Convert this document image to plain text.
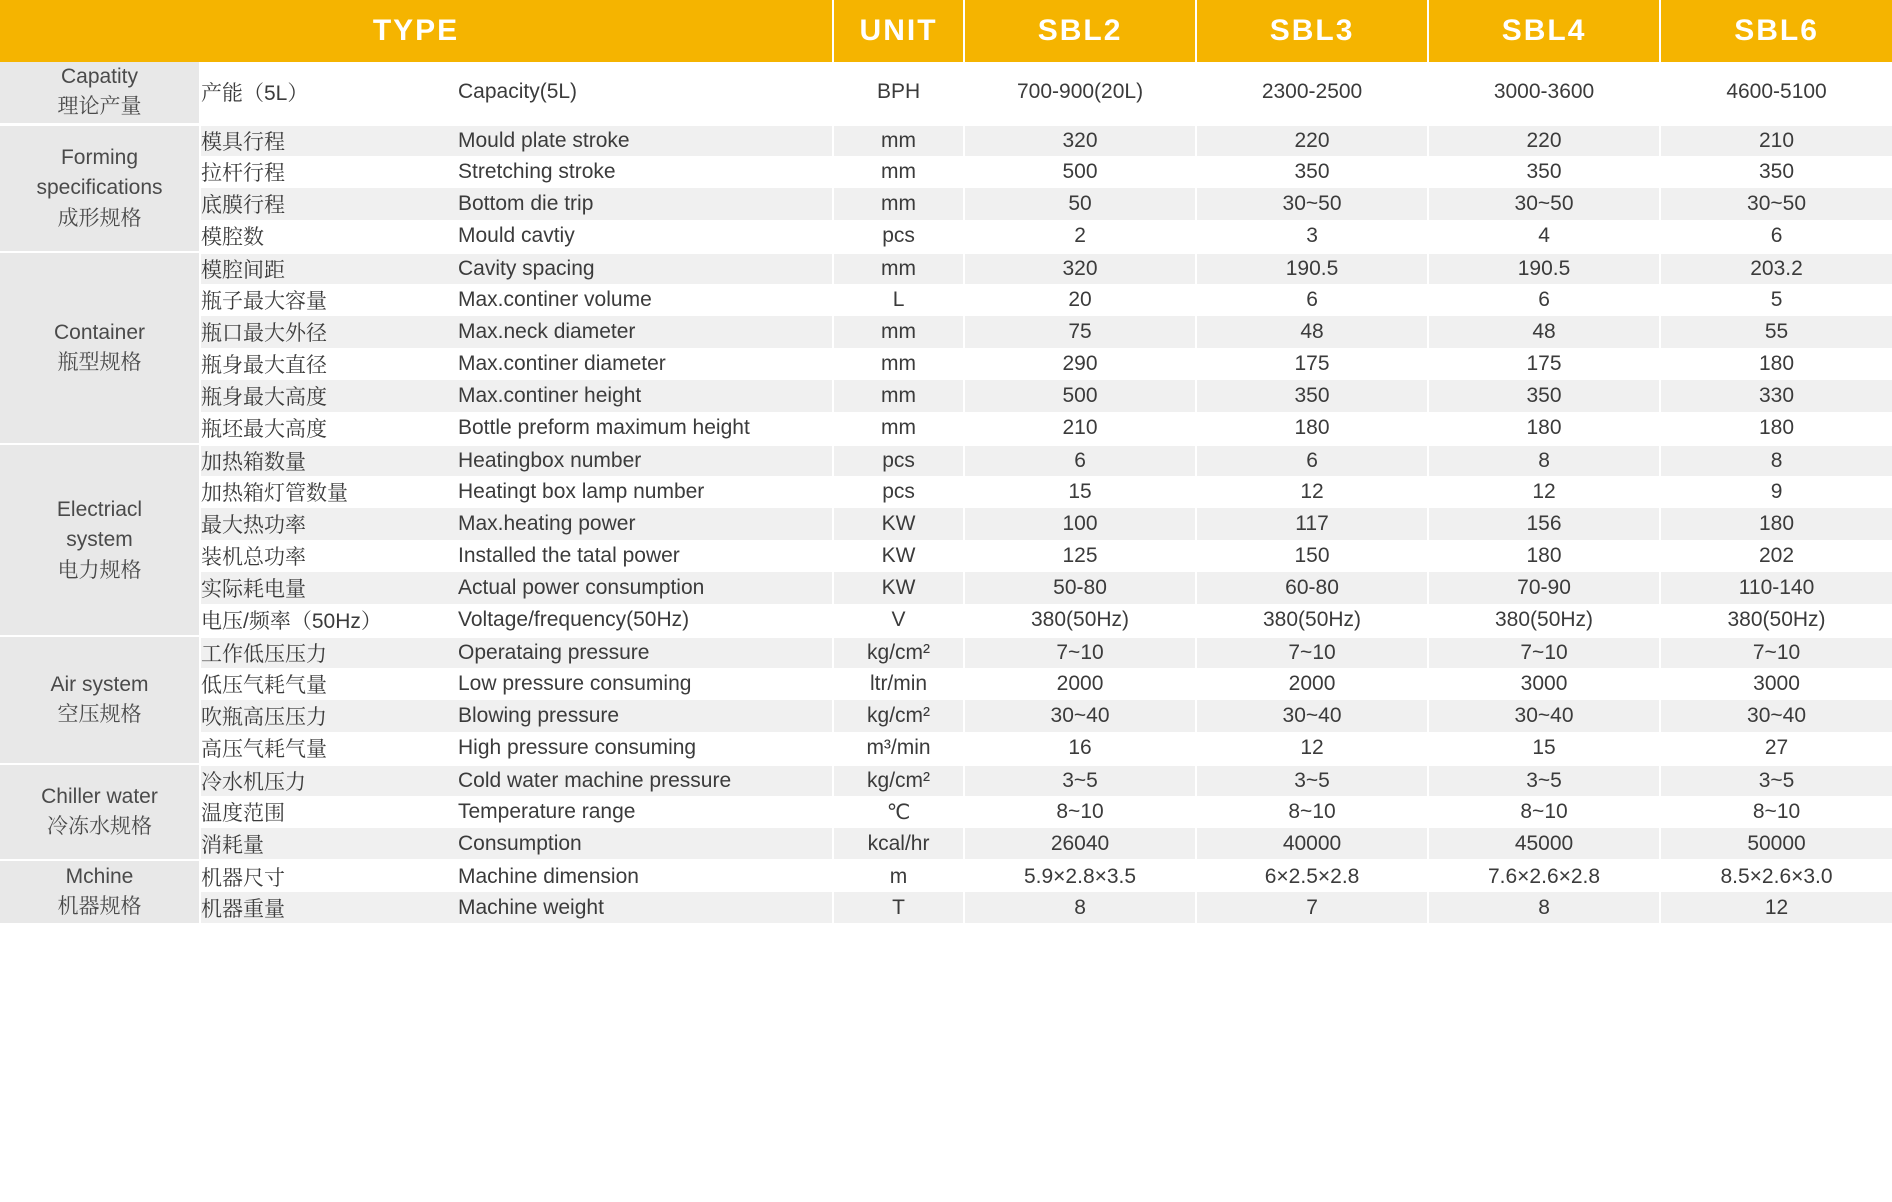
TYPE			UNIT	SBL2	SBL3	SBL4	SBL6
Capatity
理论产量	产能（5L）	Capacity(5L)	BPH	700-900(20L)	2300-2500	3000-3600	4600-5100
Forming
specifications
成形规格	模具行程	Mould plate stroke	mm	320	220	220	210
	拉杆行程	Stretching stroke	mm	500	350	350	350
	底膜行程	Bottom die trip	mm	50	30~50	30~50	30~50
	模腔数	Mould cavtiy	pcs	2	3	4	6
Container
瓶型规格	模腔间距	Cavity spacing	mm	320	190.5	190.5	203.2
	瓶子最大容量	Max.continer volume	L	20	6	6	5
	瓶口最大外径	Max.neck diameter	mm	75	48	48	55
	瓶身最大直径	Max.continer diameter	mm	290	175	175	180
	瓶身最大高度	Max.continer height	mm	500	350	350	330
	瓶坯最大高度	Bottle preform maximum height	mm	210	180	180	180
Electriacl
system
电力规格	加热箱数量	Heatingbox number	pcs	6	6	8	8
	加热箱灯管数量	Heatingt box lamp number	pcs	15	12	12	9
	最大热功率	Max.heating power	KW	100	117	156	180
	装机总功率	Installed the tatal power	KW	125	150	180	202
	实际耗电量	Actual power consumption	KW	50-80	60-80	70-90	110-140
	电压/频率（50Hz）	Voltage/frequency(50Hz)	V	380(50Hz)	380(50Hz)	380(50Hz)	380(50Hz)
Air system
空压规格	工作低压压力	Operataing pressure	kg/cm²	7~10	7~10	7~10	7~10
	低压气耗气量	Low pressure consuming	ltr/min	2000	2000	3000	3000
	吹瓶高压压力	Blowing pressure	kg/cm²	30~40	30~40	30~40	30~40
	高压气耗气量	High pressure consuming	m³/min	16	12	15	27
Chiller water
冷冻水规格	冷水机压力	Cold water machine pressure	kg/cm²	3~5	3~5	3~5	3~5
	温度范围	Temperature range	℃	8~10	8~10	8~10	8~10
	消耗量	Consumption	kcal/hr	26040	40000	45000	50000
Mchine
机器规格	机器尺寸	Machine dimension	m	5.9×2.8×3.5	6×2.5×2.8	7.6×2.6×2.8	8.5×2.6×3.0
	机器重量	Machine weight	T	8	7	8	12
